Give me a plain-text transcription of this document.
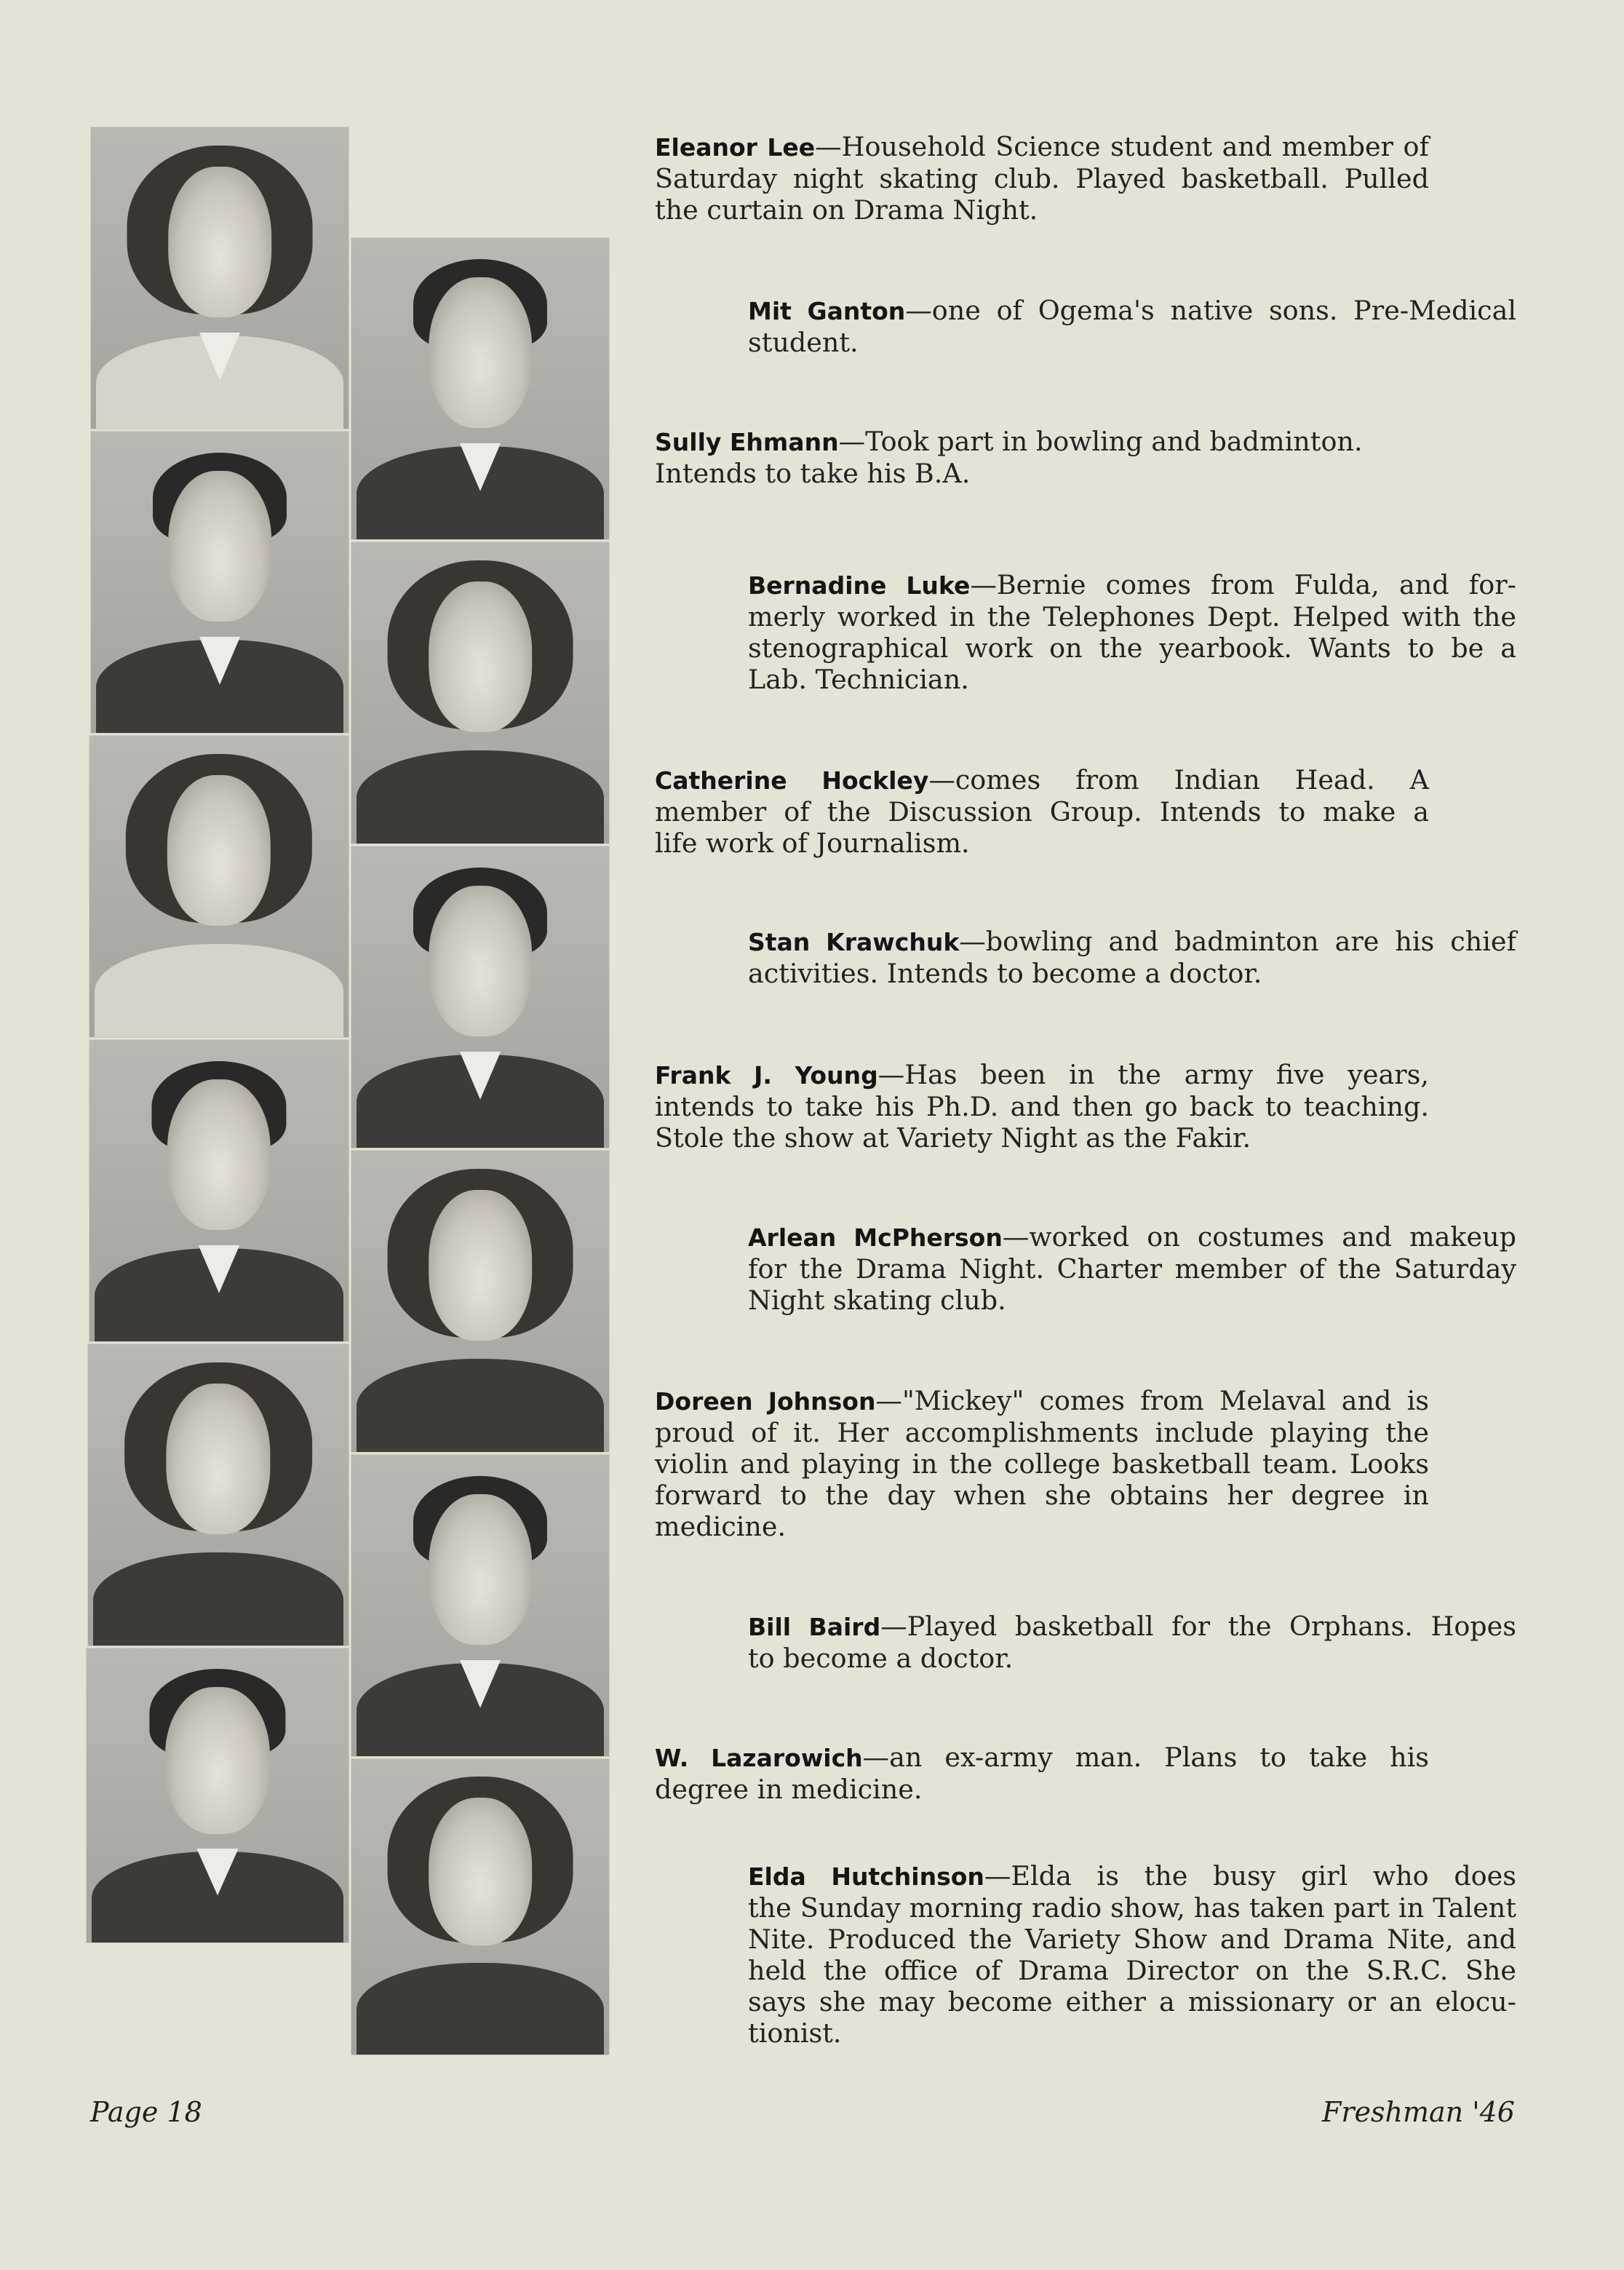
Eleanor Lee—Household Science student and member of
Saturday night skating club. Played basketball. Pulled
the curtain on Drama Night.
Mit Ganton—one of Ogema's native sons. Pre-Medical
student.
Sully Ehmann—Took part in bowling and badminton.
Intends to take his B.A.
Bernadine Luke—Bernie comes from Fulda, and for-
merly worked in the Telephones Dept. Helped with the
stenographical work on the yearbook. Wants to be a
Lab. Technician.
Catherine Hockley—comes from Indian Head. A
member of the Discussion Group. Intends to make a
life work of Journalism.
Stan Krawchuk—bowling and badminton are his chief
activities. Intends to become a doctor.
Frank J. Young—Has been in the army five years,
intends to take his Ph.D. and then go back to teaching.
Stole the show at Variety Night as the Fakir.
Arlean McPherson—worked on costumes and makeup
for the Drama Night. Charter member of the Saturday
Night skating club.
Doreen Johnson—"Mickey" comes from Melaval and is
proud of it. Her accomplishments include playing the
violin and playing in the college basketball team. Looks
forward to the day when she obtains her degree in
medicine.
Bill Baird—Played basketball for the Orphans. Hopes
to become a doctor.
W. Lazarowich—an ex-army man. Plans to take his
degree in medicine.
Elda Hutchinson—Elda is the busy girl who does
the Sunday morning radio show, has taken part in Talent
Nite. Produced the Variety Show and Drama Nite, and
held the office of Drama Director on the S.R.C. She
says she may become either a missionary or an elocu-
tionist.
Page 18	Freshman '46
